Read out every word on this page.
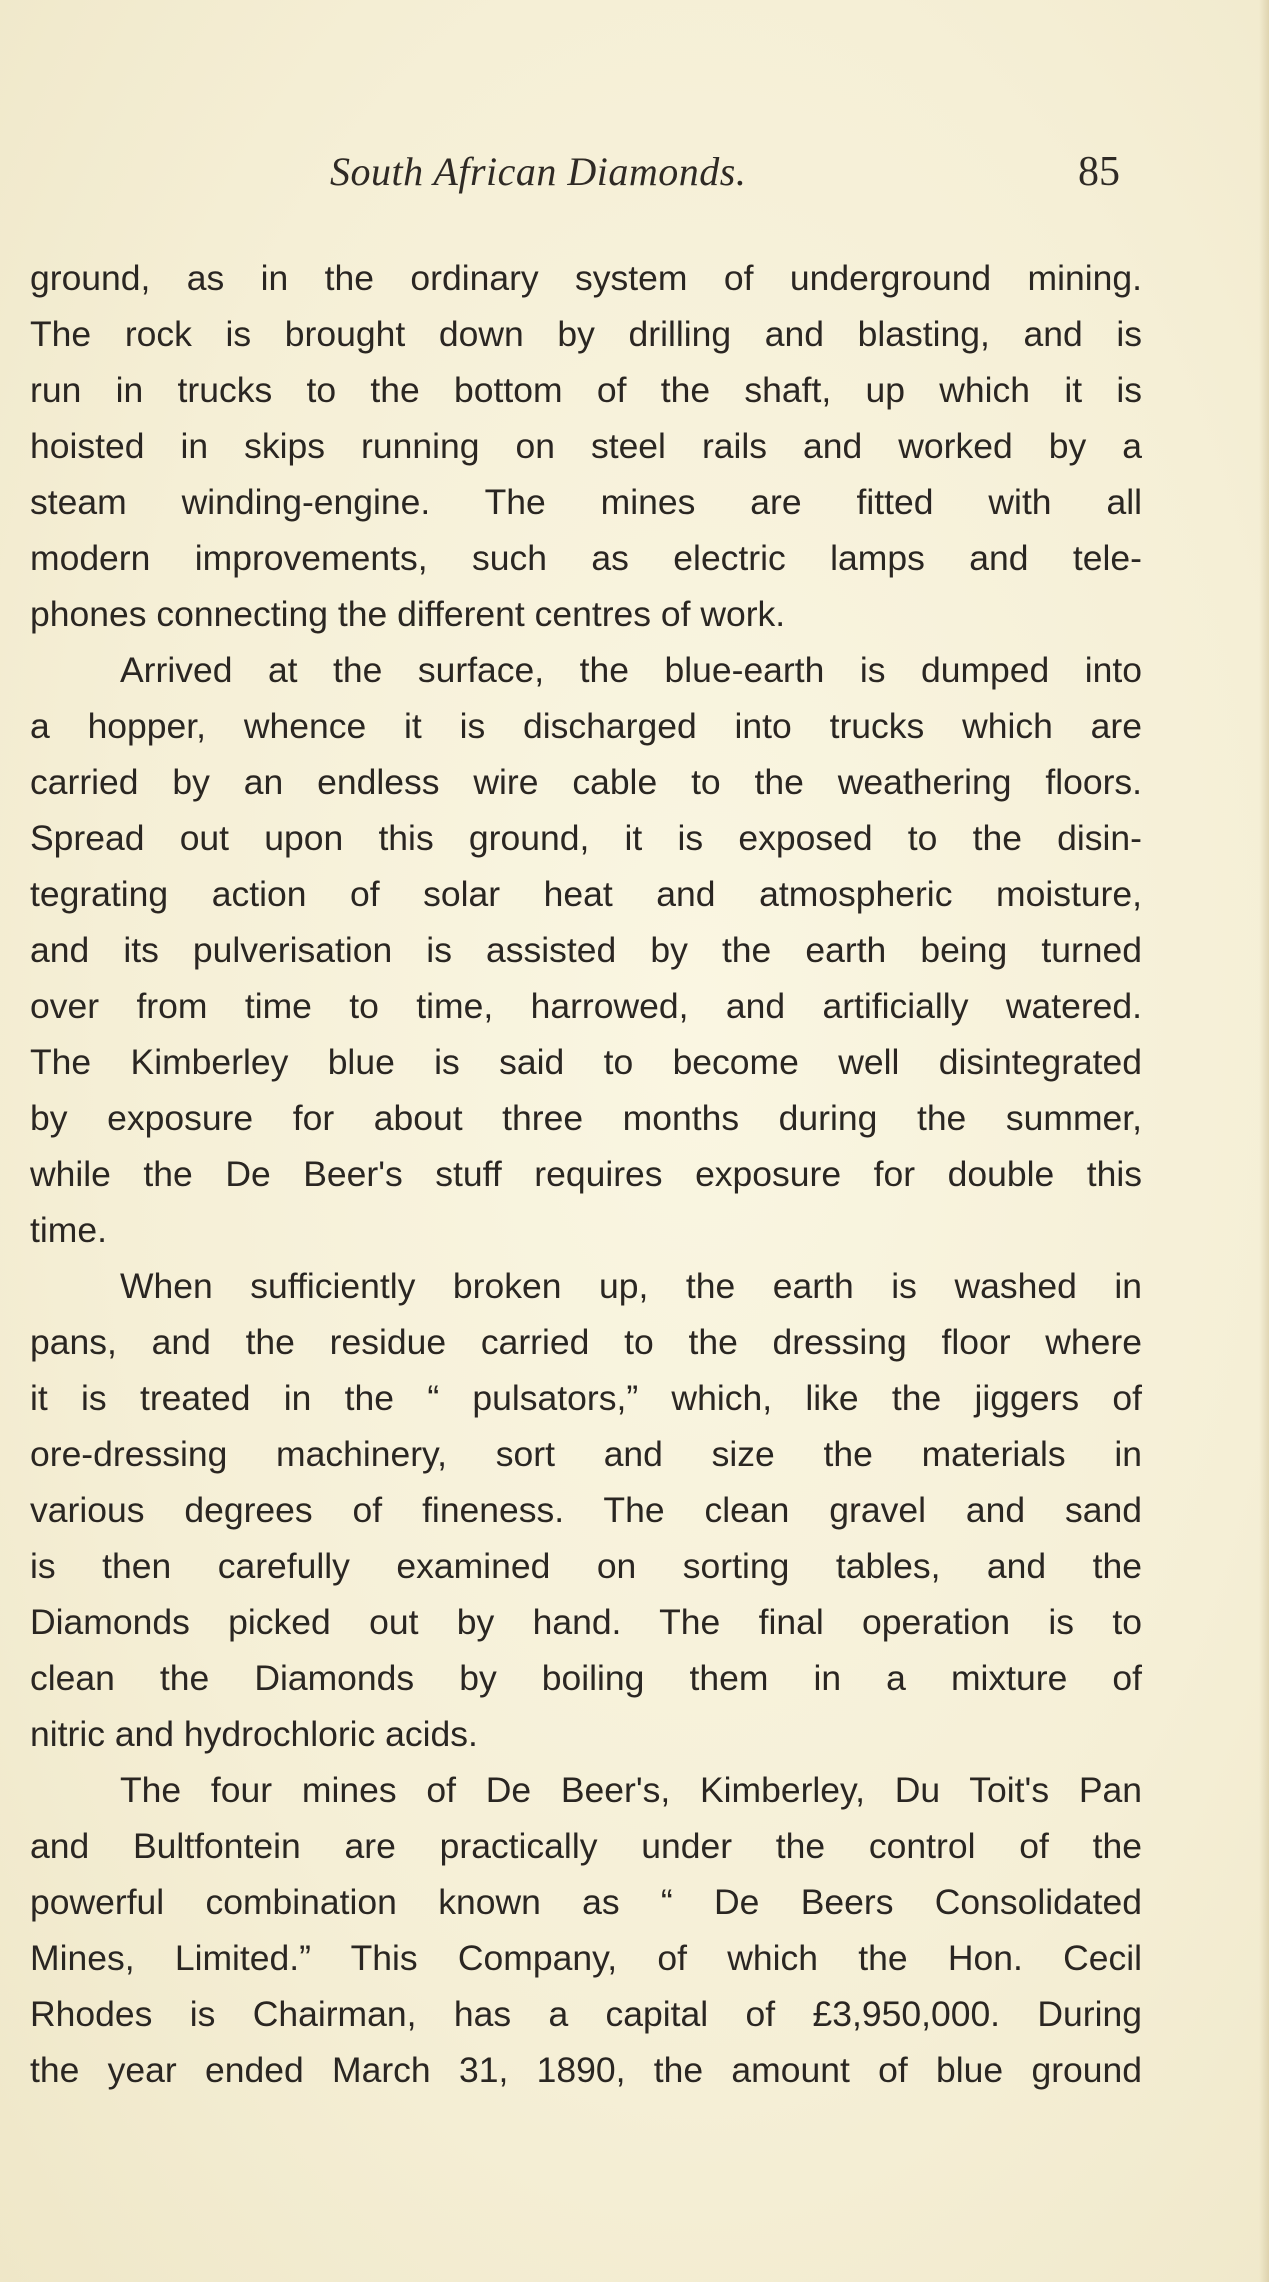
South African Diamonds.	85
ground, as in the ordinary system of underground mining.
The rock is brought down by drilling and blasting, and is
run in trucks to the bottom of the shaft, up which it is
hoisted in skips running on steel rails and worked by a
steam winding-engine. The mines are fitted with all
modern improvements, such as electric lamps and tele-
phones connecting the different centres of work.
Arrived at the surface, the blue-earth is dumped into
a hopper, whence it is discharged into trucks which are
carried by an endless wire cable to the weathering floors.
Spread out upon this ground, it is exposed to the disin-
tegrating action of solar heat and atmospheric moisture,
and its pulverisation is assisted by the earth being turned
over from time to time, harrowed, and artificially watered.
The Kimberley blue is said to become well disintegrated
by exposure for about three months during the summer,
while the De Beer's stuff requires exposure for double this
time.
When sufficiently broken up, the earth is washed in
pans, and the residue carried to the dressing floor where
it is treated in the “ pulsators,” which, like the jiggers of
ore-dressing machinery, sort and size the materials in
various degrees of fineness. The clean gravel and sand
is then carefully examined on sorting tables, and the
Diamonds picked out by hand. The final operation is to
clean the Diamonds by boiling them in a mixture of
nitric and hydrochloric acids.
The four mines of De Beer's, Kimberley, Du Toit's Pan
and Bultfontein are practically under the control of the
powerful combination known as “ De Beers Consolidated
Mines, Limited.” This Company, of which the Hon. Cecil
Rhodes is Chairman, has a capital of £3,950,000. During
the year ended March 31, 1890, the amount of blue ground
